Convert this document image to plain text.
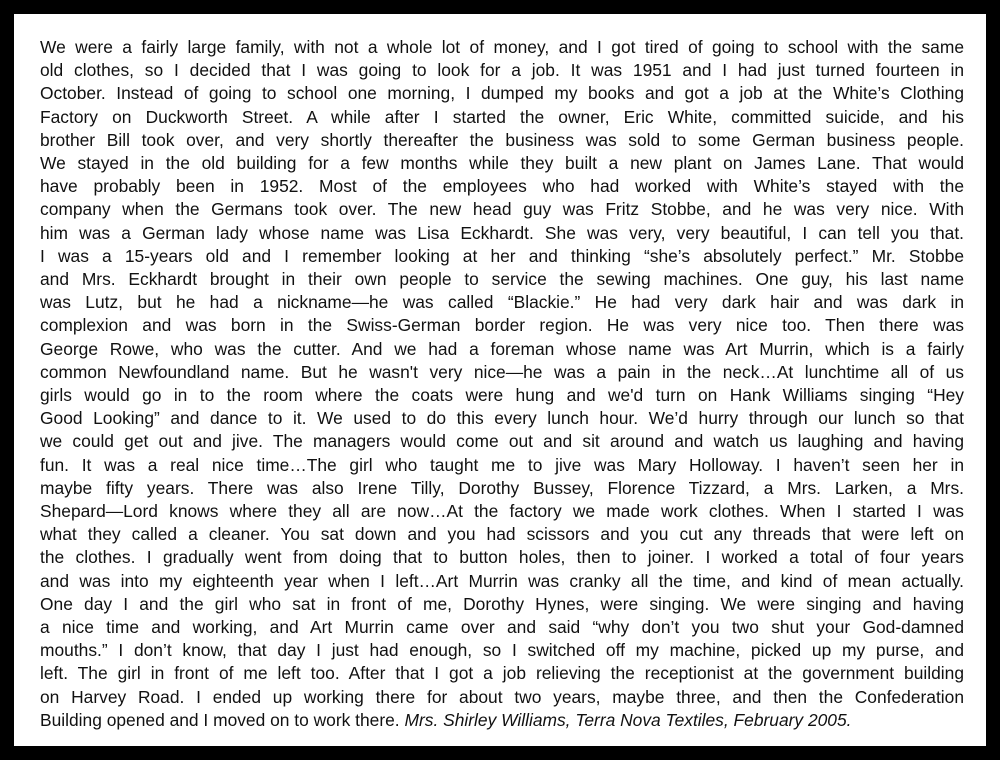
We were a fairly large family, with not a whole lot of money, and I got tired of going to school with the same
old clothes, so I decided that I was going to look for a job. It was 1951 and I had just turned fourteen in
October. Instead of going to school one morning, I dumped my books and got a job at the White’s Clothing
Factory on Duckworth Street. A while after I started the owner, Eric White, committed suicide, and his
brother Bill took over, and very shortly thereafter the business was sold to some German business people.
We stayed in the old building for a few months while they built a new plant on James Lane. That would
have probably been in 1952. Most of the employees who had worked with White’s stayed with the
company when the Germans took over. The new head guy was Fritz Stobbe, and he was very nice. With
him was a German lady whose name was Lisa Eckhardt. She was very, very beautiful, I can tell you that.
I was a 15-years old and I remember looking at her and thinking “she’s absolutely perfect.” Mr. Stobbe
and Mrs. Eckhardt brought in their own people to service the sewing machines. One guy, his last name
was Lutz, but he had a nickname—he was called “Blackie.” He had very dark hair and was dark in
complexion and was born in the Swiss-German border region. He was very nice too. Then there was
George Rowe, who was the cutter. And we had a foreman whose name was Art Murrin, which is a fairly
common Newfoundland name. But he wasn't very nice—he was a pain in the neck…At lunchtime all of us
girls would go in to the room where the coats were hung and we'd turn on Hank Williams singing “Hey
Good Looking” and dance to it. We used to do this every lunch hour. We’d hurry through our lunch so that
we could get out and jive. The managers would come out and sit around and watch us laughing and having
fun. It was a real nice time…The girl who taught me to jive was Mary Holloway. I haven’t seen her in
maybe fifty years. There was also Irene Tilly, Dorothy Bussey, Florence Tizzard, a Mrs. Larken, a Mrs.
Shepard—Lord knows where they all are now…At the factory we made work clothes. When I started I was
what they called a cleaner. You sat down and you had scissors and you cut any threads that were left on
the clothes. I gradually went from doing that to button holes, then to joiner. I worked a total of four years
and was into my eighteenth year when I left…Art Murrin was cranky all the time, and kind of mean actually.
One day I and the girl who sat in front of me, Dorothy Hynes, were singing. We were singing and having
a nice time and working, and Art Murrin came over and said “why don’t you two shut your God-damned
mouths.” I don’t know, that day I just had enough, so I switched off my machine, picked up my purse, and
left. The girl in front of me left too. After that I got a job relieving the receptionist at the government building
on Harvey Road. I ended up working there for about two years, maybe three, and then the Confederation
Building opened and I moved on to work there. Mrs. Shirley Williams, Terra Nova Textiles, February 2005.
